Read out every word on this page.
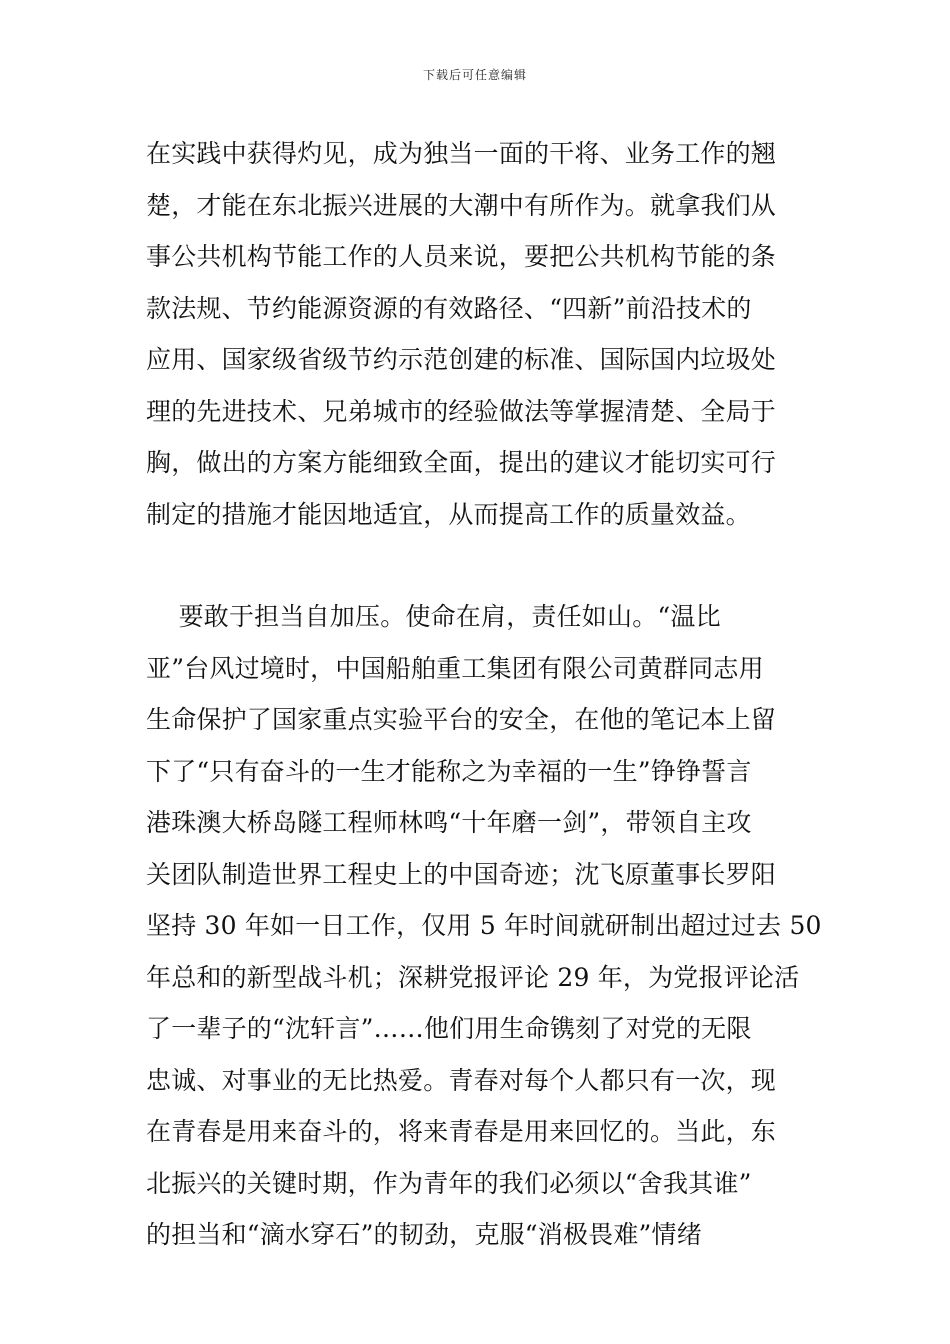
下载后可任意编辑
在实践中获得灼见，成为独当一面的干将、业务工作的翘
楚，才能在东北振兴进展的大潮中有所作为。就拿我们从
事公共机构节能工作的人员来说，要把公共机构节能的条
款法规、节约能源资源的有效路径、“四新”前沿技术的
应用、国家级省级节约示范创建的标准、国际国内垃圾处
理的先进技术、兄弟城市的经验做法等掌握清楚、全局于
胸，做出的方案方能细致全面，提出的建议才能切实可行
制定的措施才能因地适宜，从而提高工作的质量效益。
要敢于担当自加压。使命在肩，责任如山。“温比
亚”台风过境时，中国船舶重工集团有限公司黄群同志用
生命保护了国家重点实验平台的安全，在他的笔记本上留
下了“只有奋斗的一生才能称之为幸福的一生”铮铮誓言
港珠澳大桥岛隧工程师林鸣“十年磨一剑”，带领自主攻
关团队制造世界工程史上的中国奇迹；沈飞原董事长罗阳
坚持 30 年如一日工作，仅用 5 年时间就研制出超过过去 50
年总和的新型战斗机；深耕党报评论 29 年，为党报评论活
了一辈子的“沈轩言”……他们用生命镌刻了对党的无限
忠诚、对事业的无比热爱。青春对每个人都只有一次，现
在青春是用来奋斗的，将来青春是用来回忆的。当此，东
北振兴的关键时期，作为青年的我们必须以“舍我其谁”
的担当和“滴水穿石”的韧劲，克服“消极畏难”情绪
